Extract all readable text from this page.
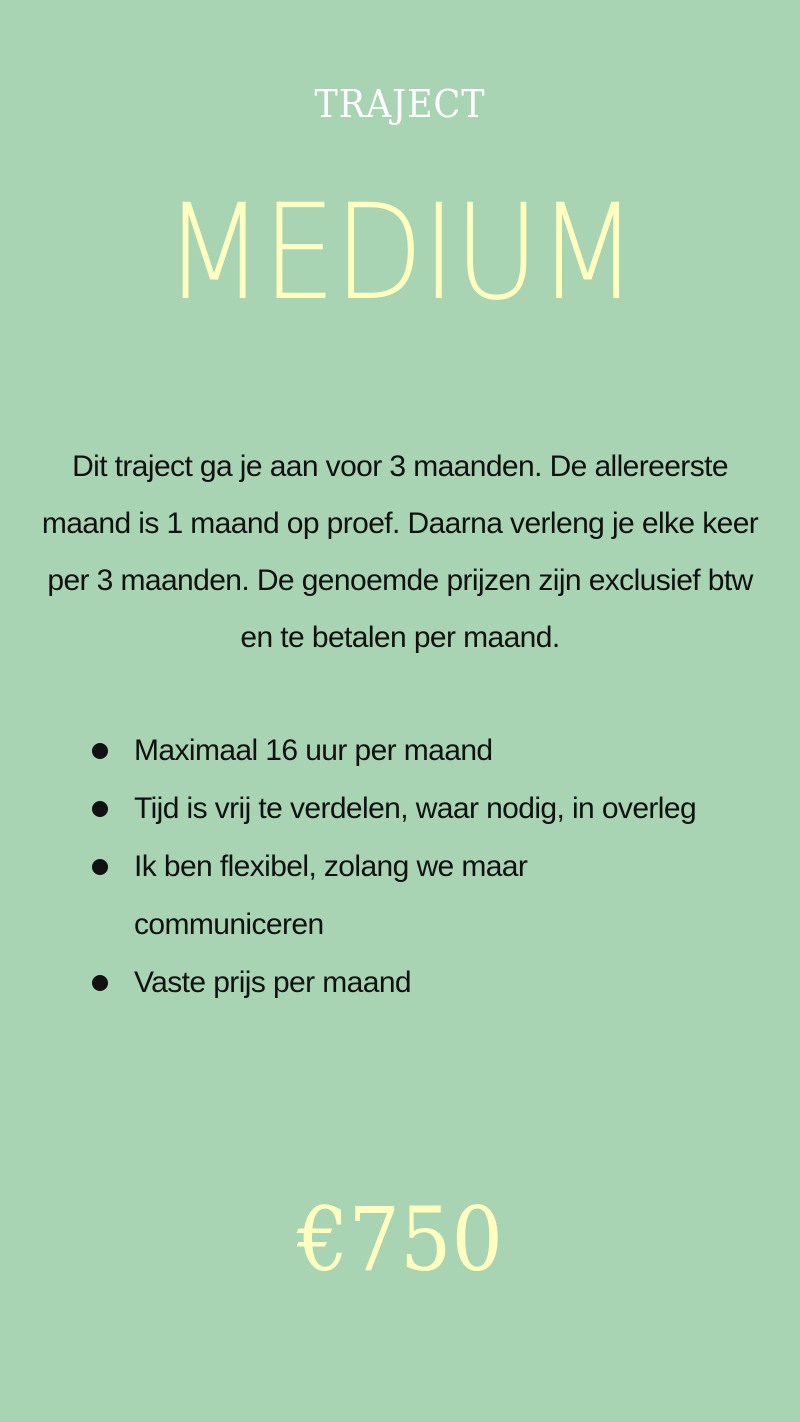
TRAJECT
MEDIUM
Dit traject ga je aan voor 3 maanden. De allereerste maand is 1 maand op proef. Daarna verleng je elke keer per 3 maanden. De genoemde prijzen zijn exclusief btw en te betalen per maand.
Maximaal 16 uur per maand
Tijd is vrij te verdelen, waar nodig, in overleg
Ik ben flexibel, zolang we maar communiceren
Vaste prijs per maand
€750
